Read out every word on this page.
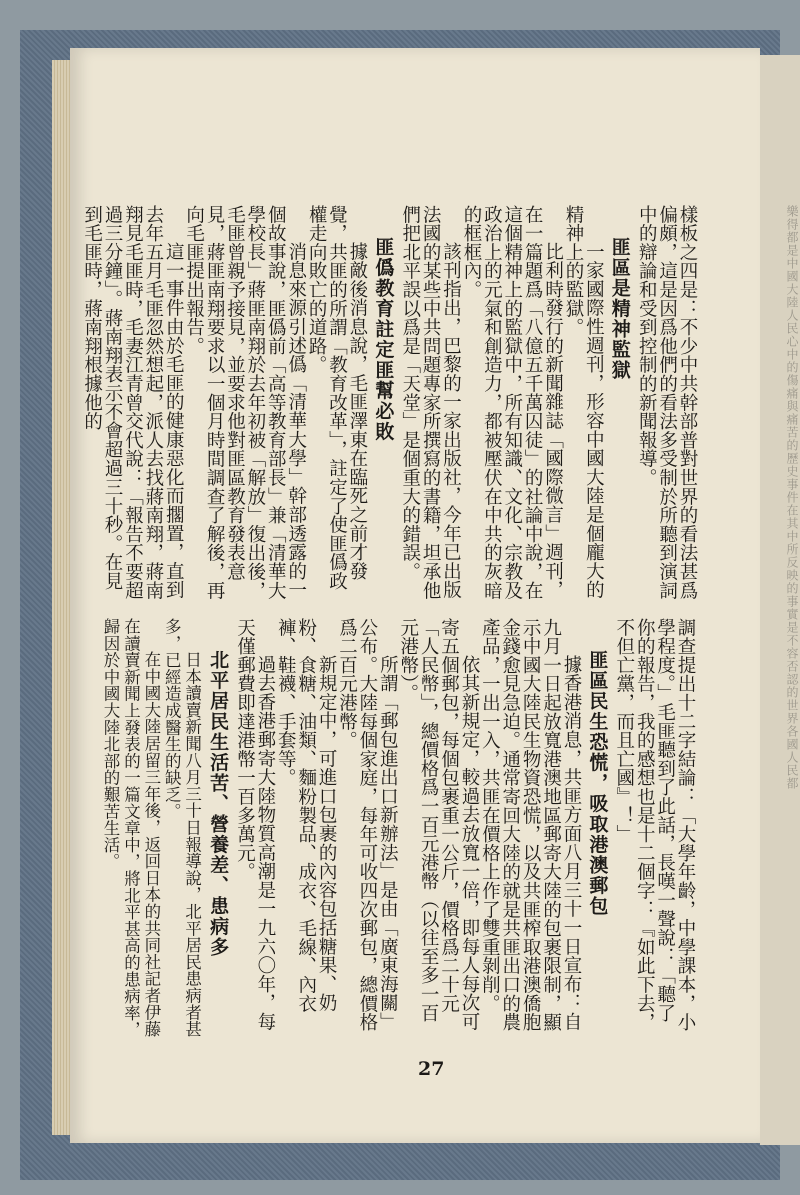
樂得都是中國大陸人民心中的傷痛與痛苦的歷史事件在其中所反映的事實是不容否認的世界各國人民都

樣板之四是：不少中共幹部普對世界的看法甚爲偏頗，這是因爲他們的看法多受制於所聽到演詞中的辯論和受到控制的新聞報導。

匪區是精神監獄

一家國際性週刊，形容中國大陸是個龐大的精神上的監獄。

比利時發行的新聞雜誌「國際微言」週刊，在一篇題爲「八億五千萬囚徒」的社論中說，在這個精神上的監獄中，所有知識、文化、宗教及政治上的元氣和創造力，都被壓伏在中共的灰暗的框框內。

該刊指出，巴黎的一家出版社，今年已出版法國的某些中共問題專家所撰寫的書籍，坦承他們把北平誤以爲是「天堂」是個重大的錯誤。

匪僞教育註定匪幫必敗

據敵後消息說，毛匪澤東在臨死之前才發覺，共匪的所謂「教育改革」，註定了使匪僞政權走向敗亡的道路。

消息來源引述僞「清華大學」幹部透露的一個故事說，匪僞前「高等教育部長」兼「清華大學校長」蔣匪南翔於去年初被「解放」復出後，毛匪曾親予接見，並要求他對匪區教育發表意見，蔣匪南翔要求以一個月時間調查了解後，再向毛匪提出報告。

這一事件由於毛匪的健康惡化而擱置，直到去年五月毛匪忽然想起，派人去找蔣南翔，蔣南翔見毛匪時，毛妻江青曾交代說：「報告不要超過三分鐘」。蔣南翔表示不會超過三十秒。在見到毛匪時，蔣南翔根據他的

調查提出十二字結論：「大學年齡，中學課本，小學程度。」毛匪聽到了此話，長嘆一聲說：「聽了你的報告，我的感想也是十二個字：『如此下去，不但亡黨，而且亡國』！」

匪區民生恐慌，吸取港澳郵包

據香港消息，共匪方面八月三十一日宣布：自九月一日起放寬港澳地區郵寄大陸的包裹限制，顯示中國大陸民生物資恐慌，以及共匪榨取港澳僑胞金錢愈見急迫。通常寄回大陸的就是共匪出口的農產品，一出一入，共匪在價格上作了雙重剝削。

依其新規定，較過去放寬一倍，即每人每次可寄五個郵包，每個包裹重一公斤，價格爲二十元「人民幣」，總價格爲一百元港幣（以往至多一百元港幣）。

所謂「郵包進出口新辦法」是由「廣東海關」公布。大陸每個家庭，每年可收四次郵包，總價格爲二百元港幣。

新規定中，可進口包裹的內容包括糖果、奶粉、食糖、油類、麵粉製品、成衣、毛線、內衣褲、鞋襪、手套等。

過去香港郵寄大陸物質高潮是一九六〇年，每天僅郵費即達港幣一百多萬元。

北平居民生活苦、營養差、患病多

日本讀賣新聞八月三十日報導說，北平居民患病者甚多，已經造成醫生的缺乏。

在中國大陸居留三年後，返回日本的共同社記者伊藤在讀賣新聞上發表的一篇文章中，將北平甚高的患病率，歸因於中國大陸北部的艱苦生活。

27
